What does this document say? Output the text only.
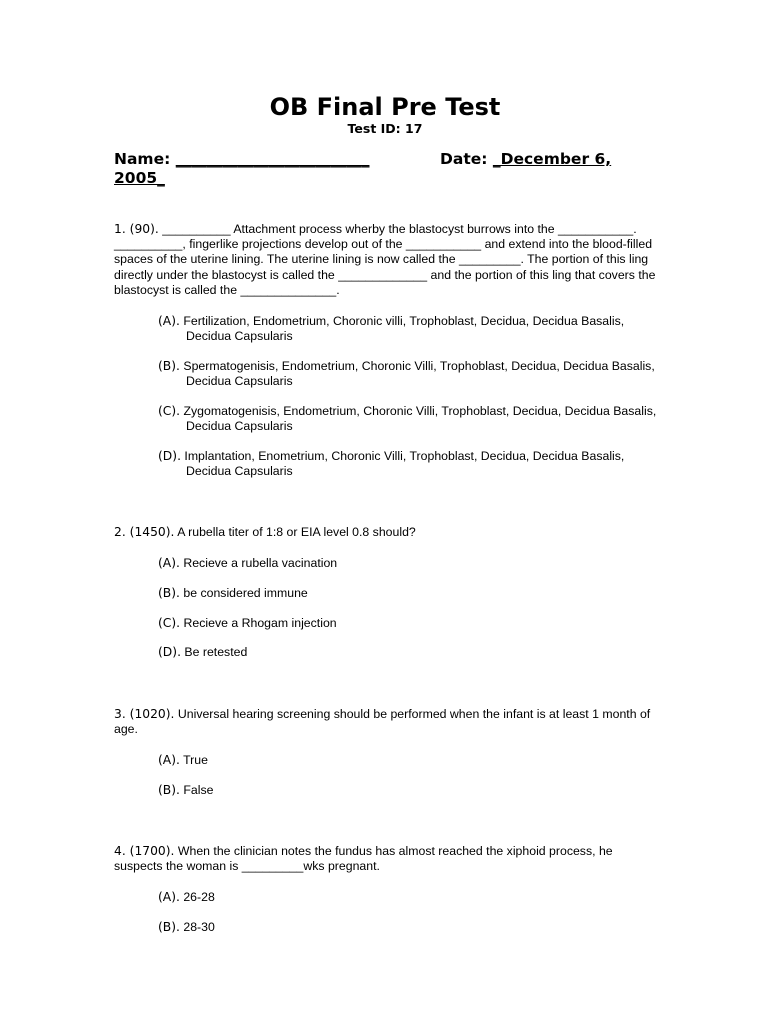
OB Final Pre Test
Test ID: 17
Name: _________________________	Date: _December 6,
2005_

1. (90). __________ Attachment process wherby the blastocyst burrows into the ___________. __________, fingerlike projections develop out of the ___________ and extend into the blood-filled spaces of the uterine lining. The uterine lining is now called the _________. The portion of this ling directly under the blastocyst is called the _____________ and the portion of this ling that covers the blastocyst is called the ______________.

(A). Fertilization, Endometrium, Choronic villi, Trophoblast, Decidua, Decidua Basalis, Decidua Capsularis
(B). Spermatogenisis, Endometrium, Choronic Villi, Trophoblast, Decidua, Decidua Basalis, Decidua Capsularis
(C). Zygomatogenisis, Endometrium, Choronic Villi, Trophoblast, Decidua, Decidua Basalis, Decidua Capsularis
(D). Implantation, Enometrium, Choronic Villi, Trophoblast, Decidua, Decidua Basalis, Decidua Capsularis

2. (1450). A rubella titer of 1:8 or EIA level 0.8 should?

(A). Recieve a rubella vacination
(B). be considered immune
(C). Recieve a Rhogam injection
(D). Be retested

3. (1020). Universal hearing screening should be performed when the infant is at least 1 month of age.

(A). True
(B). False

4. (1700). When the clinician notes the fundus has almost reached the xiphoid process, he suspects the woman is _________wks pregnant.

(A). 26-28
(B). 28-30
